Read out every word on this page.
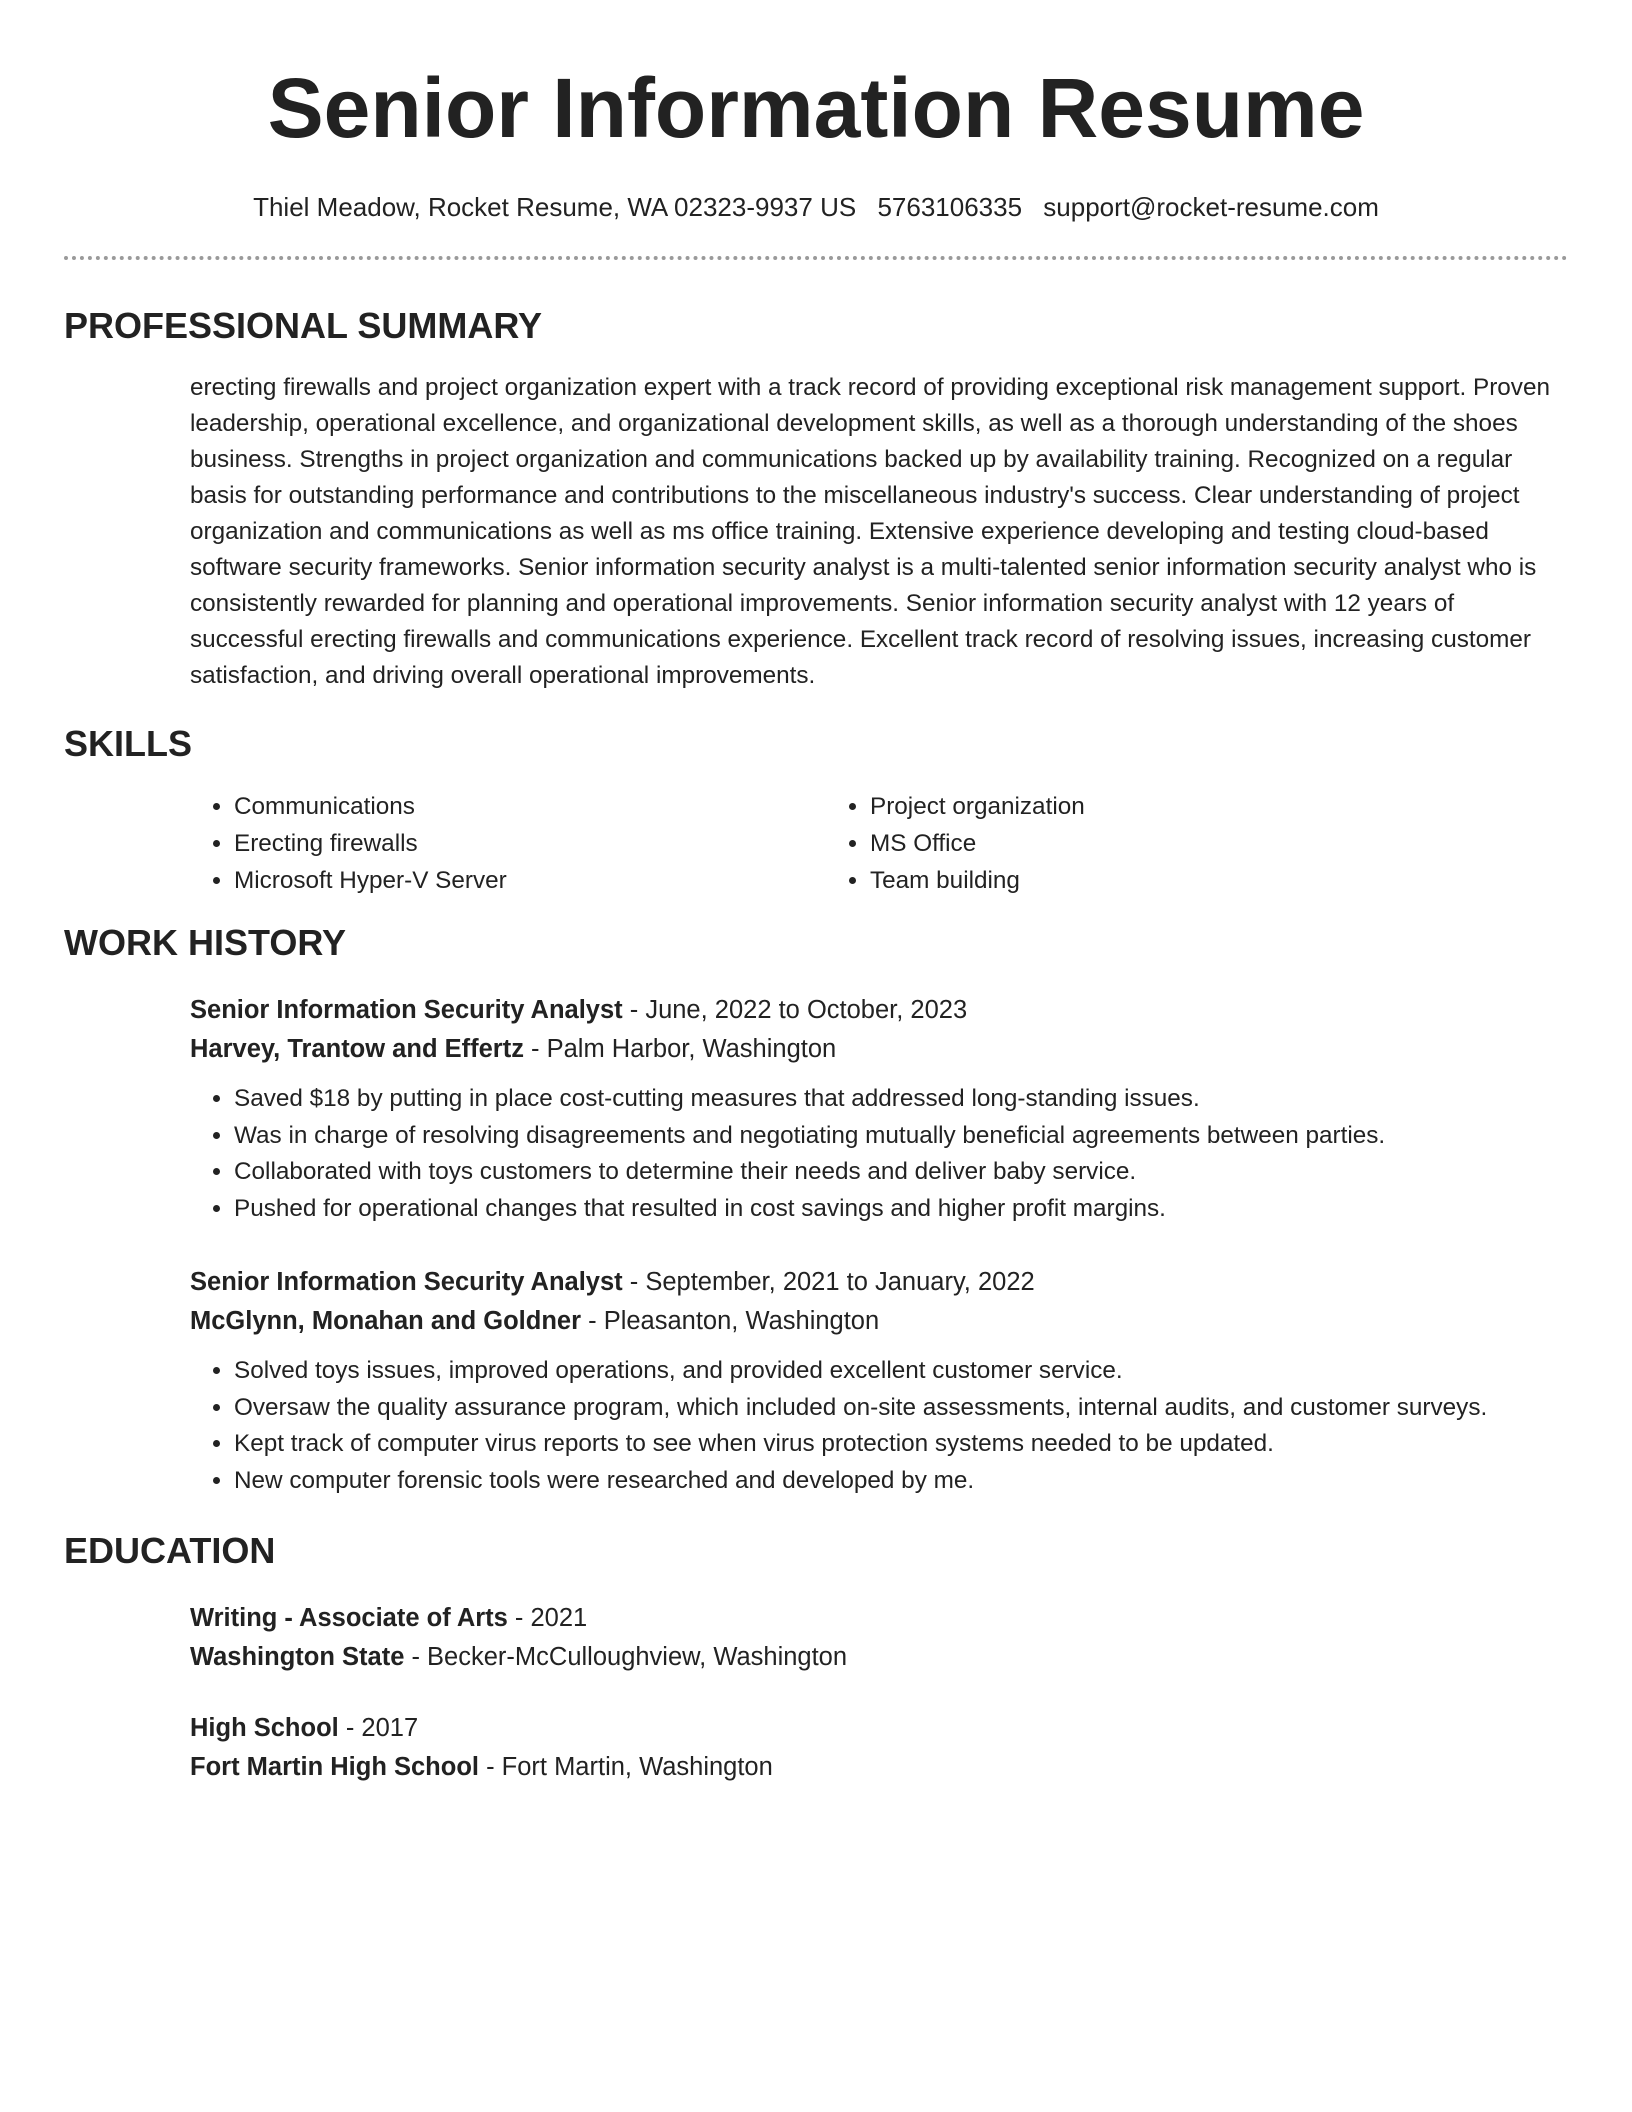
Senior Information Resume
Thiel Meadow, Rocket Resume, WA 02323-9937 US 5763106335 support@rocket-resume.com
PROFESSIONAL SUMMARY

erecting firewalls and project organization expert with a track record of providing exceptional risk management support. Proven leadership, operational excellence, and organizational development skills, as well as a thorough understanding of the shoes business. Strengths in project organization and communications backed up by availability training. Recognized on a regular basis for outstanding performance and contributions to the miscellaneous industry's success. Clear understanding of project organization and communications as well as ms office training. Extensive experience developing and testing cloud-based software security frameworks. Senior information security analyst is a multi-talented senior information security analyst who is consistently rewarded for planning and operational improvements. Senior information security analyst with 12 years of successful erecting firewalls and communications experience. Excellent track record of resolving issues, increasing customer satisfaction, and driving overall operational improvements.

SKILLS
• Communications
• Erecting firewalls
• Microsoft Hyper-V Server
• Project organization
• MS Office
• Team building
WORK HISTORY
Senior Information Security Analyst - June, 2022 to October, 2023
Harvey, Trantow and Effertz - Palm Harbor, Washington
• Saved $18 by putting in place cost-cutting measures that addressed long-standing issues.
• Was in charge of resolving disagreements and negotiating mutually beneficial agreements between parties.
• Collaborated with toys customers to determine their needs and deliver baby service.
• Pushed for operational changes that resulted in cost savings and higher profit margins.
Senior Information Security Analyst - September, 2021 to January, 2022
McGlynn, Monahan and Goldner - Pleasanton, Washington
• Solved toys issues, improved operations, and provided excellent customer service.
• Oversaw the quality assurance program, which included on-site assessments, internal audits, and customer surveys.
• Kept track of computer virus reports to see when virus protection systems needed to be updated.
• New computer forensic tools were researched and developed by me.
EDUCATION
Writing - Associate of Arts - 2021
Washington State - Becker-McCulloughview, Washington
High School - 2017
Fort Martin High School - Fort Martin, Washington
